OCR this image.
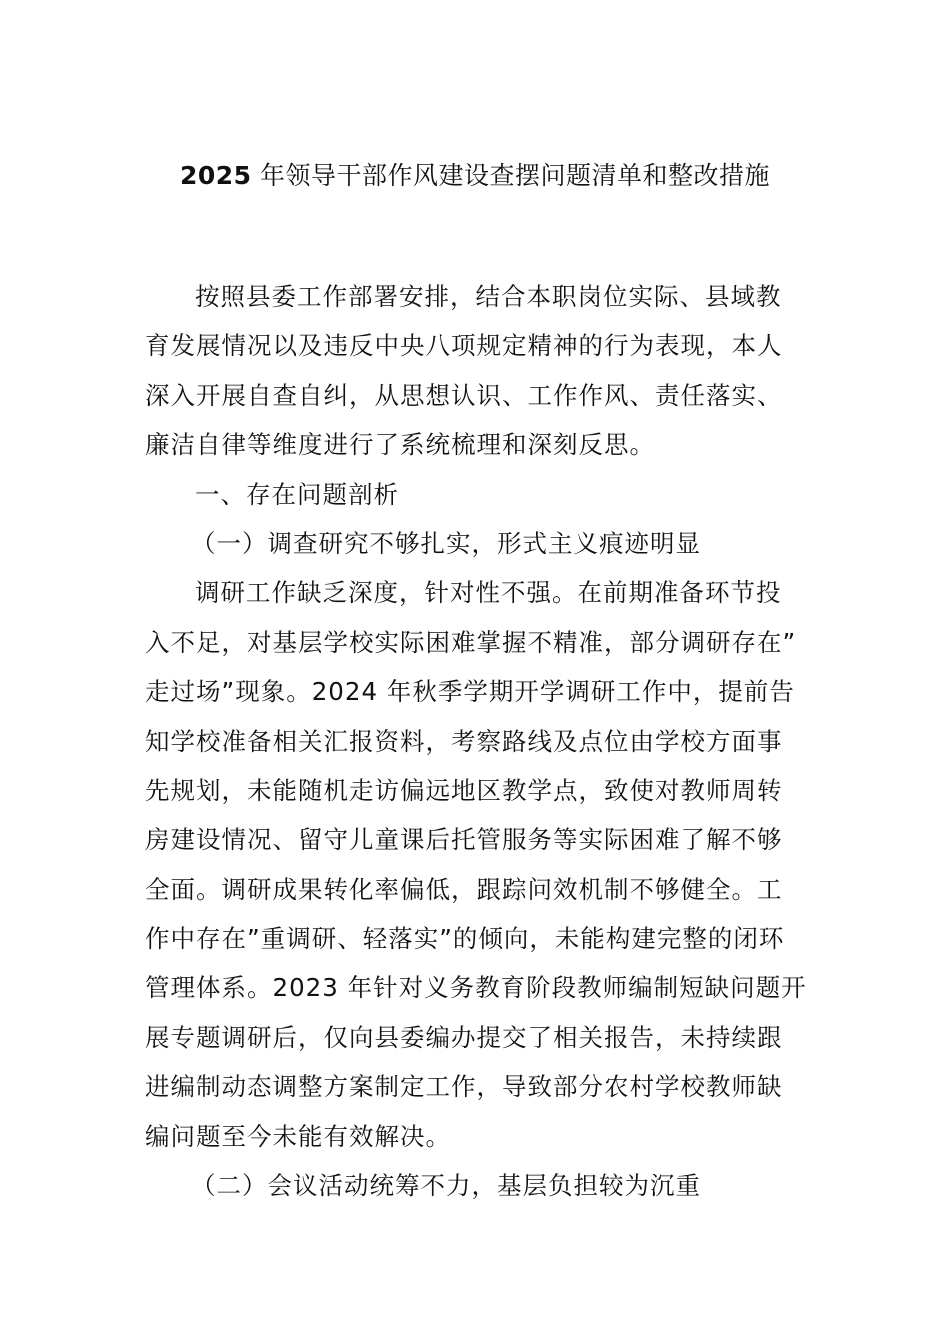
2025 年领导干部作风建设查摆问题清单和整改措施
按照县委工作部署安排，结合本职岗位实际、县域教
育发展情况以及违反中央八项规定精神的行为表现，本人
深入开展自查自纠，从思想认识、工作作风、责任落实、
廉洁自律等维度进行了系统梳理和深刻反思。
一、存在问题剖析
（一）调查研究不够扎实，形式主义痕迹明显
调研工作缺乏深度，针对性不强。在前期准备环节投
入不足，对基层学校实际困难掌握不精准，部分调研存在”
走过场”现象。2024 年秋季学期开学调研工作中，提前告
知学校准备相关汇报资料，考察路线及点位由学校方面事
先规划，未能随机走访偏远地区教学点，致使对教师周转
房建设情况、留守儿童课后托管服务等实际困难了解不够
全面。调研成果转化率偏低，跟踪问效机制不够健全。工
作中存在”重调研、轻落实”的倾向，未能构建完整的闭环
管理体系。2023 年针对义务教育阶段教师编制短缺问题开
展专题调研后，仅向县委编办提交了相关报告，未持续跟
进编制动态调整方案制定工作，导致部分农村学校教师缺
编问题至今未能有效解决。
（二）会议活动统筹不力，基层负担较为沉重
